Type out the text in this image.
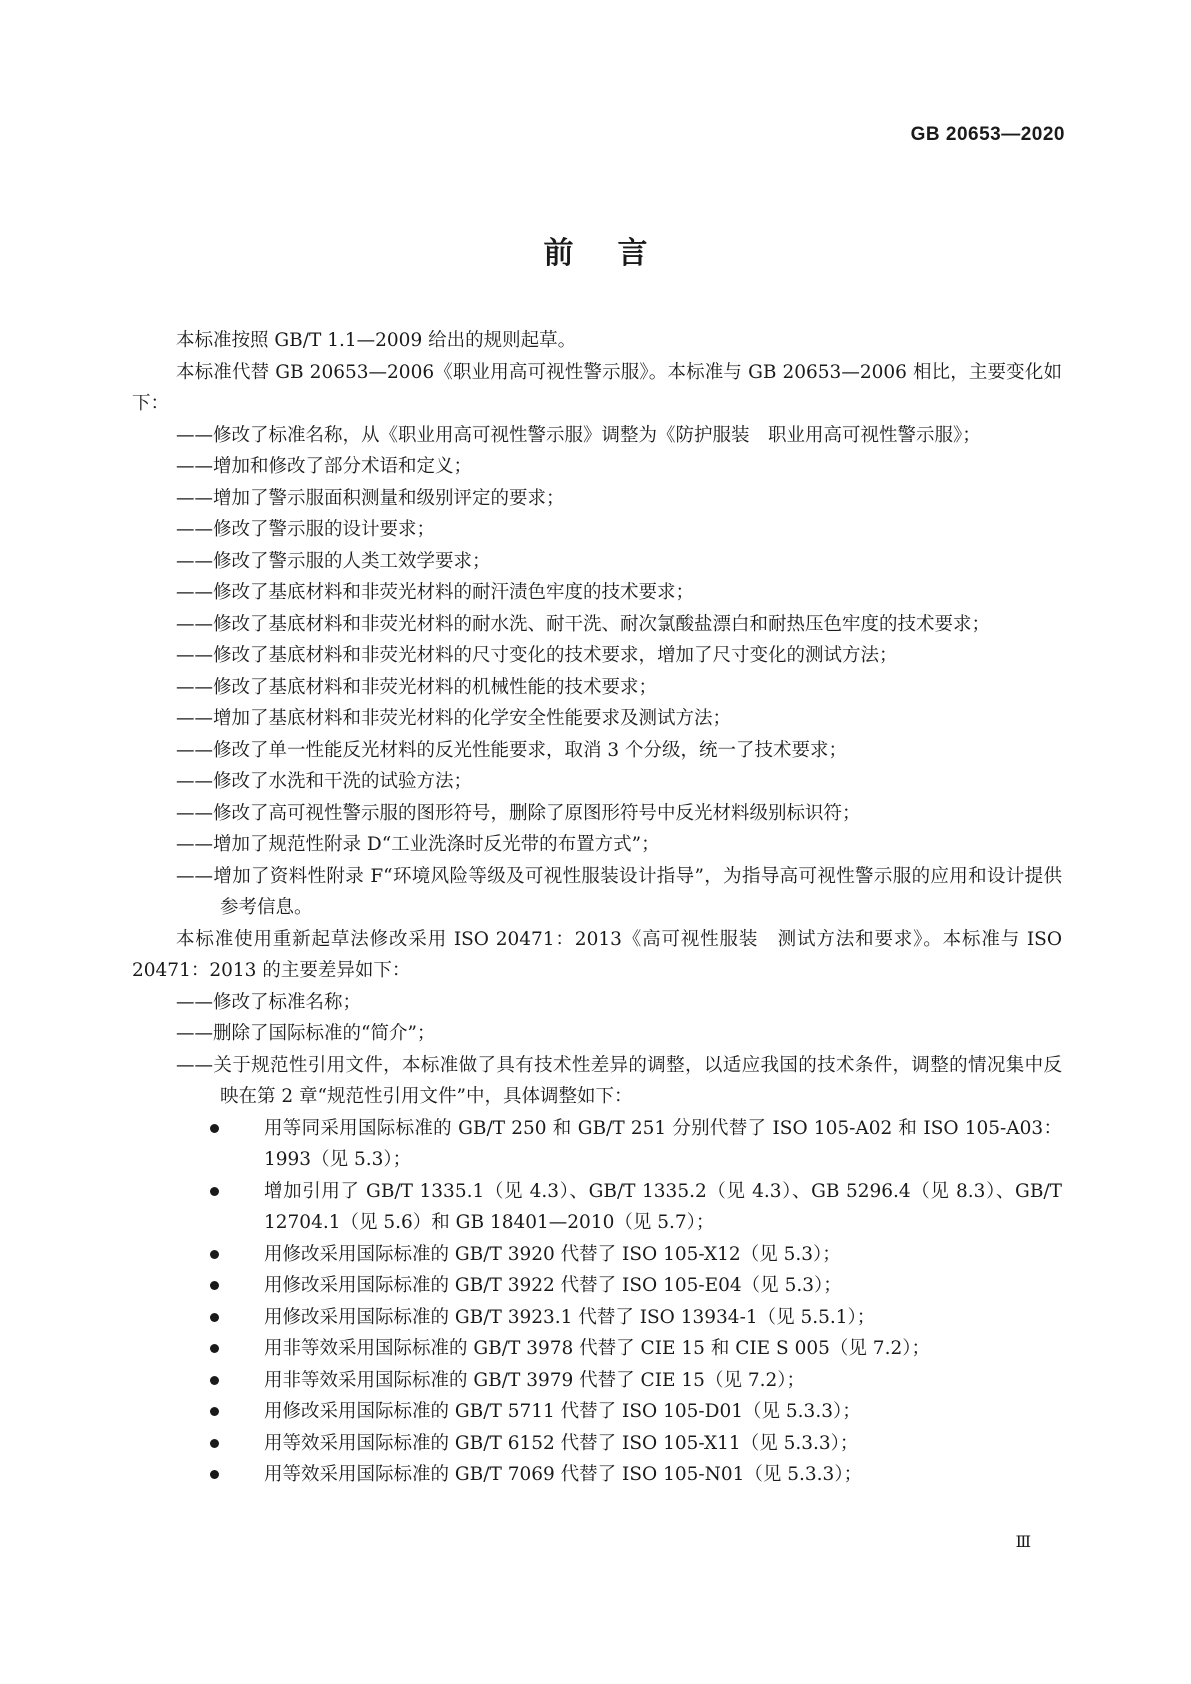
GB 20653—2020
前言

本标准按照 GB/T 1.1—2009 给出的规则起草。

本标准代替 GB 20653—2006《职业用高可视性警示服》。本标准与 GB 20653—2006 相比，主要变化如下：

——修改了标准名称，从《职业用高可视性警示服》调整为《防护服装　职业用高可视性警示服》；

——增加和修改了部分术语和定义；

——增加了警示服面积测量和级别评定的要求；

——修改了警示服的设计要求；

——修改了警示服的人类工效学要求；

——修改了基底材料和非荧光材料的耐汗渍色牢度的技术要求；

——修改了基底材料和非荧光材料的耐水洗、耐干洗、耐次氯酸盐漂白和耐热压色牢度的技术要求；

——修改了基底材料和非荧光材料的尺寸变化的技术要求，增加了尺寸变化的测试方法；

——修改了基底材料和非荧光材料的机械性能的技术要求；

——增加了基底材料和非荧光材料的化学安全性能要求及测试方法；

——修改了单一性能反光材料的反光性能要求，取消 3 个分级，统一了技术要求；

——修改了水洗和干洗的试验方法；

——修改了高可视性警示服的图形符号，删除了原图形符号中反光材料级别标识符；

——增加了规范性附录 D“工业洗涤时反光带的布置方式”；

——增加了资料性附录 F“环境风险等级及可视性服装设计指导”，为指导高可视性警示服的应用和设计提供参考信息。

本标准使用重新起草法修改采用 ISO 20471：2013《高可视性服装　测试方法和要求》。本标准与 ISO 20471：2013 的主要差异如下：

——修改了标准名称；

——删除了国际标准的“简介”；

——关于规范性引用文件，本标准做了具有技术性差异的调整，以适应我国的技术条件，调整的情况集中反映在第 2 章“规范性引用文件”中，具体调整如下：

用等同采用国际标准的 GB/T 250 和 GB/T 251 分别代替了 ISO 105-A02 和 ISO 105-A03：1993（见 5.3）；

增加引用了 GB/T 1335.1（见 4.3）、GB/T 1335.2（见 4.3）、GB 5296.4（见 8.3）、GB/T 12704.1（见 5.6）和 GB 18401—2010（见 5.7）；

用修改采用国际标准的 GB/T 3920 代替了 ISO 105-X12（见 5.3）；

用修改采用国际标准的 GB/T 3922 代替了 ISO 105-E04（见 5.3）；

用修改采用国际标准的 GB/T 3923.1 代替了 ISO 13934-1（见 5.5.1）；

用非等效采用国际标准的 GB/T 3978 代替了 CIE 15 和 CIE S 005（见 7.2）；

用非等效采用国际标准的 GB/T 3979 代替了 CIE 15（见 7.2）；

用修改采用国际标准的 GB/T 5711 代替了 ISO 105-D01（见 5.3.3）；

用等效采用国际标准的 GB/T 6152 代替了 ISO 105-X11（见 5.3.3）；

用等效采用国际标准的 GB/T 7069 代替了 ISO 105-N01（见 5.3.3）；

Ⅲ
